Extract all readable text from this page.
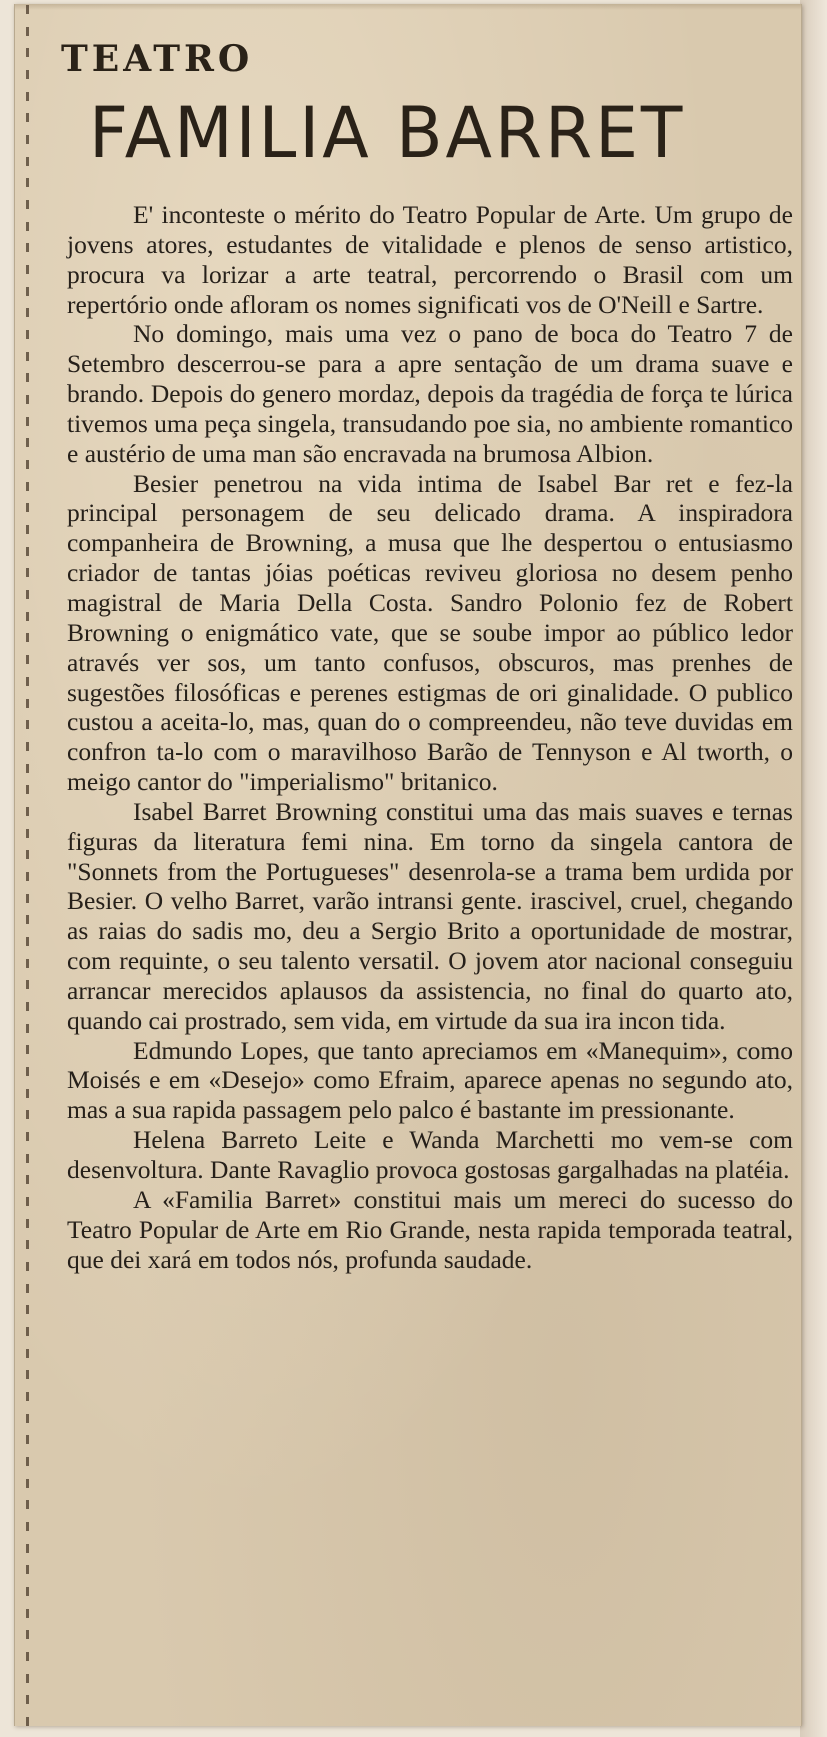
TEATRO
FAMILIA BARRET

E' inconteste o mérito do Teatro Popular de Arte. Um grupo de jovens atores, estudantes de vitalidade e plenos de senso artistico, procura va lorizar a arte teatral, percorrendo o Brasil com um repertório onde afloram os nomes significati vos de O'Neill e Sartre.

No domingo, mais uma vez o pano de boca do Teatro 7 de Setembro descerrou-se para a apre sentação de um drama suave e brando. Depois do genero mordaz, depois da tragédia de força te lúrica tivemos uma peça singela, transudando poe sia, no ambiente romantico e austério de uma man são encravada na brumosa Albion.

Besier penetrou na vida intima de Isabel Bar ret e fez-la principal personagem de seu delicado drama. A inspiradora companheira de Browning, a musa que lhe despertou o entusiasmo criador de tantas jóias poéticas reviveu gloriosa no desem penho magistral de Maria Della Costa. Sandro Polonio fez de Robert Browning o enigmático vate, que se soube impor ao público ledor através ver sos, um tanto confusos, obscuros, mas prenhes de sugestões filosóficas e perenes estigmas de ori ginalidade. O publico custou a aceita-lo, mas, quan do o compreendeu, não teve duvidas em confron ta-lo com o maravilhoso Barão de Tennyson e Al tworth, o meigo cantor do "imperialismo" britanico.

Isabel Barret Browning constitui uma das mais suaves e ternas figuras da literatura femi nina. Em torno da singela cantora de "Sonnets from the Portugueses" desenrola-se a trama bem urdida por Besier. O velho Barret, varão intransi gente. irascivel, cruel, chegando as raias do sadis mo, deu a Sergio Brito a oportunidade de mostrar, com requinte, o seu talento versatil. O jovem ator nacional conseguiu arrancar merecidos aplausos da assistencia, no final do quarto ato, quando cai prostrado, sem vida, em virtude da sua ira incon tida.

Edmundo Lopes, que tanto apreciamos em «Manequim», como Moisés e em «Desejo» como Efraim, aparece apenas no segundo ato, mas a sua rapida passagem pelo palco é bastante im pressionante.

Helena Barreto Leite e Wanda Marchetti mo vem-se com desenvoltura. Dante Ravaglio provoca gostosas gargalhadas na platéia.

A «Familia Barret» constitui mais um mereci do sucesso do Teatro Popular de Arte em Rio Grande, nesta rapida temporada teatral, que dei xará em todos nós, profunda saudade.
